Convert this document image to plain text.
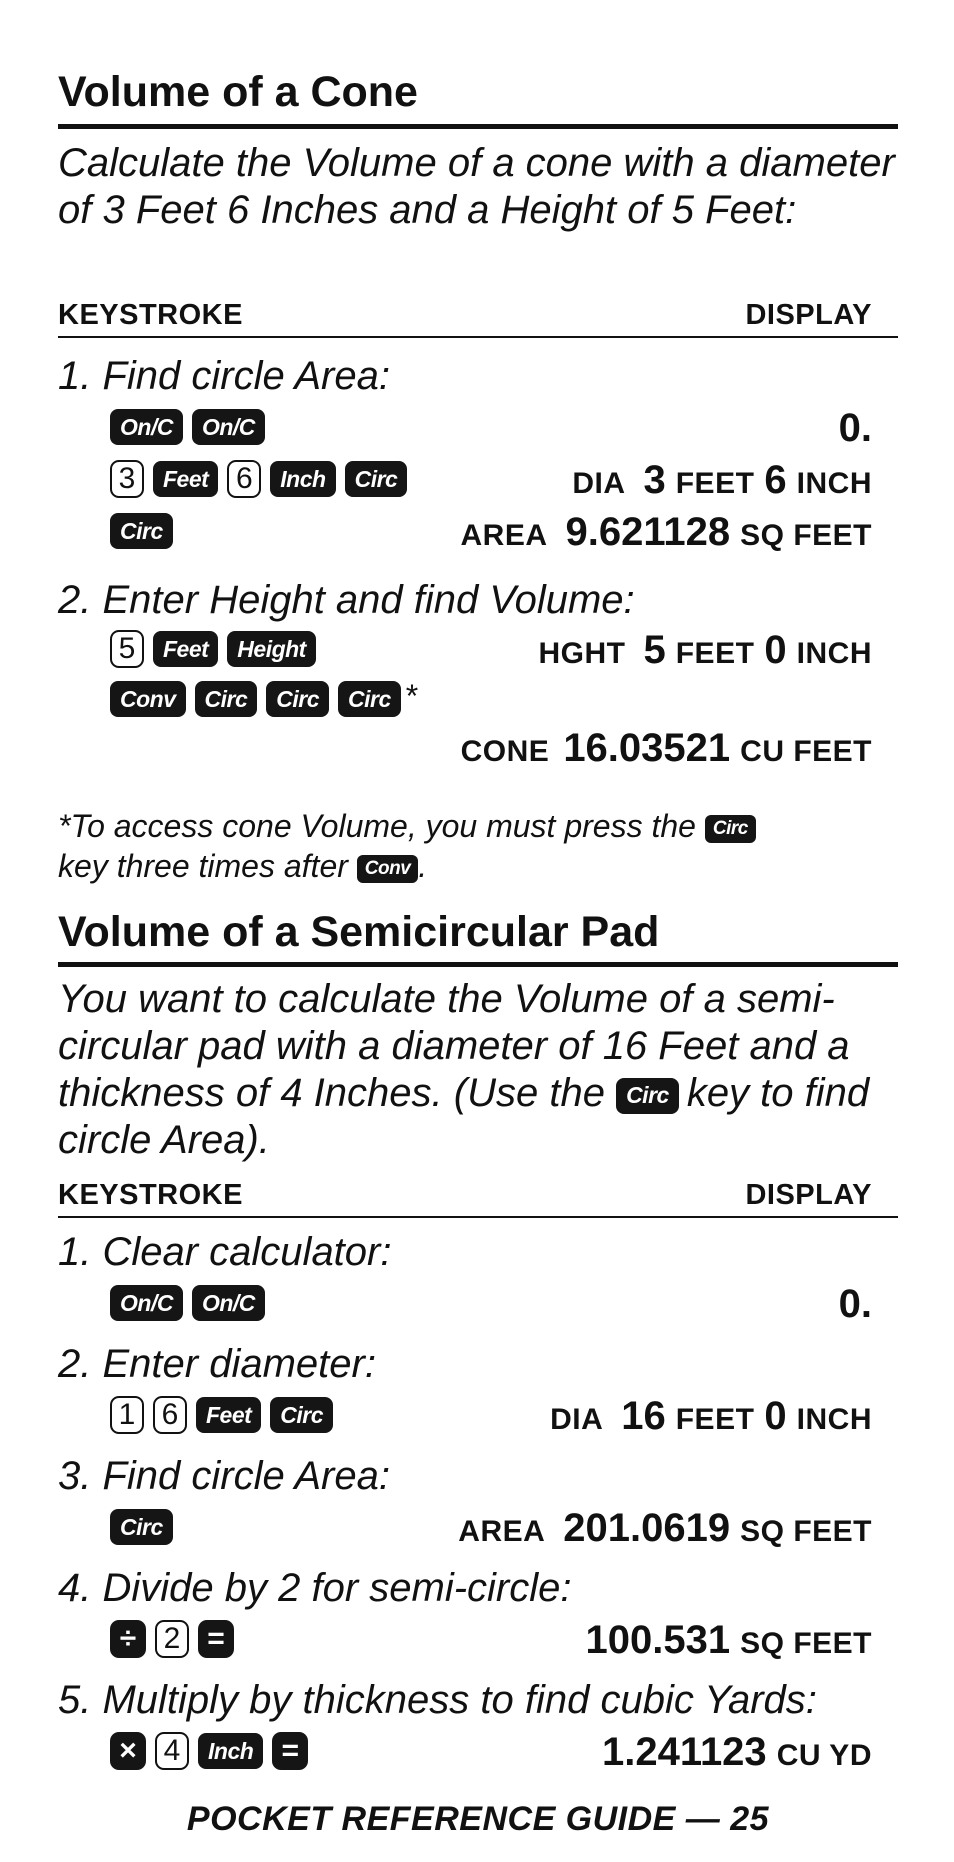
Volume of a Cone
Calculate the Volume of a cone with a diameter of 3 Feet 6 Inches and a Height of 5 Feet:
KEYSTROKE	DISPLAY
1. Find circle Area:
On/C	On/C	0.
3	Feet 6	Inch	Circ	DIA 3 FEET 6 INCH
Circ	AREA 9.621128 SQ FEET
2. Enter Height and find Volume:
5	Feet	Height	HGHT 5 FEET 0 INCH
Conv	Circ	Circ	Circ *
CONE 16.03521 CU FEET
*To access cone Volume, you must press the Circ
key three times after Conv .
Volume of a Semicircular Pad
You want to calculate the Volume of a semi-circular pad with a diameter of 16 Feet and a thickness of 4 Inches. (Use the Circ key to find circle Area).
KEYSTROKE	DISPLAY
1. Clear calculator:
On/C	On/C	0.
2. Enter diameter:
1 6	Feet	Circ	DIA 16 FEET 0 INCH
3. Find circle Area:
Circ	AREA 201.0619 SQ FEET
4. Divide by 2 for semi-circle:
÷ 2 =	100.531 SQ FEET
5. Multiply by thickness to find cubic Yards:
× 4	Inch =	1.241123 CU YD
POCKET REFERENCE GUIDE — 25
